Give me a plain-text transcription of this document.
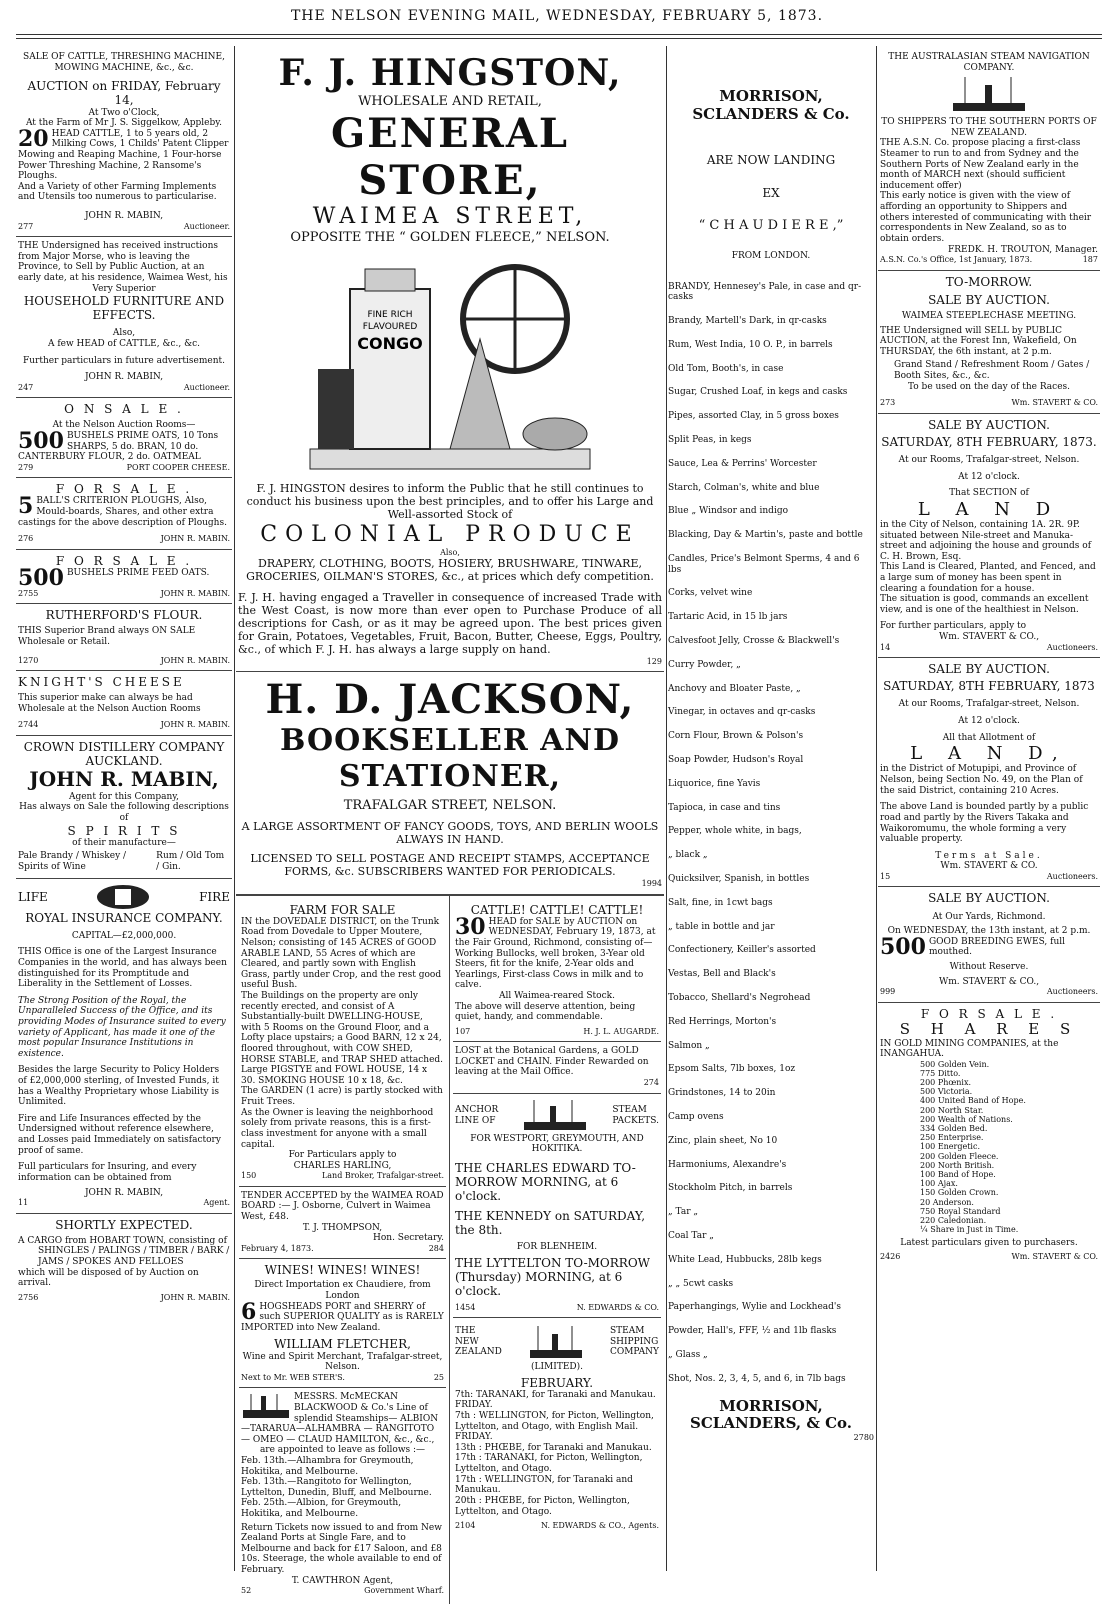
THE NELSON EVENING MAIL, WEDNESDAY, FEBRUARY 5, 1873.

SALE OF CATTLE, THRESHING MACHINE, MOWING MACHINE, &c., &c.

AUCTION on FRIDAY, February 14,

At Two o'Clock,

At the Farm of Mr J. S. Siggelkow, Appleby.

20 HEAD CATTLE, 1 to 5 years old, 2 Milking Cows, 1 Childs' Patent Clipper Mowing and Reaping Machine, 1 Four-horse Power Threshing Machine, 2 Ransome's Ploughs.

And a Variety of other Farming Implements and Utensils too numerous to particularise.

JOHN R. MABIN,

277	Auctioneer.

THE Undersigned has received instructions from Major Morse, who is leaving the Province, to Sell by Public Auction, at an early date, at his residence, Waimea West, his

Very Superior

HOUSEHOLD FURNITURE AND EFFECTS.

Also,

A few HEAD of CATTLE, &c., &c.

Further particulars in future advertisement.

JOHN R. MABIN,

247	Auctioneer.

O N S A L E .

At the Nelson Auction Rooms—

500 BUSHELS PRIME OATS, 10 Tons SHARPS, 5 do. BRAN, 10 do. CANTERBURY FLOUR, 2 do. OATMEAL

279	PORT COOPER CHEESE.

F O R S A L E .

5 BALL'S CRITERION PLOUGHS, Also, Mould-boards, Shares, and other extra castings for the above description of Ploughs.

276	JOHN R. MABIN.

F O R S A L E .

500 BUSHELS PRIME FEED OATS.

2755	JOHN R. MABIN.

RUTHERFORD'S FLOUR.

THIS Superior Brand always ON SALE Wholesale or Retail.

1270	JOHN R. MABIN.

KNIGHT'S CHEESE

This superior make can always be had Wholesale at the Nelson Auction Rooms

2744	JOHN R. MABIN.

CROWN DISTILLERY COMPANY AUCKLAND.

JOHN R. MABIN,

Agent for this Company,

Has always on Sale the following descriptions of

S P I R I T S

of their manufacture—

Pale Brandy / Whiskey / Spirits of Wine
Rum / Old Tom / Gin.
LIFE	FIRE

ROYAL INSURANCE COMPANY.

CAPITAL—£2,000,000.

THIS Office is one of the Largest Insurance Companies in the world, and has always been distinguished for its Promptitude and Liberality in the Settlement of Losses.

The Strong Position of the Royal, the Unparalleled Success of the Office, and its providing Modes of Insurance suited to every variety of Applicant, has made it one of the most popular Insurance Institutions in existence.

Besides the large Security to Policy Holders of £2,000,000 sterling, of Invested Funds, it has a Wealthy Proprietary whose Liability is Unlimited.

Fire and Life Insurances effected by the Undersigned without reference elsewhere, and Losses paid Immediately on satisfactory proof of same.

Full particulars for Insuring, and every information can be obtained from

JOHN R. MABIN,

11	Agent.

SHORTLY EXPECTED.

A CARGO from HOBART TOWN, consisting of

SHINGLES / PALINGS / TIMBER / BARK / JAMS / SPOKES AND FELLOES

which will be disposed of by Auction on arrival.

2756	JOHN R. MABIN.
F. J. HINGSTON,

WHOLESALE AND RETAIL,

GENERAL STORE,

WAIMEA STREET,

OPPOSITE THE “ GOLDEN FLEECE,” NELSON.

FINE RICH
FLAVOURED
CONGO

F. J. HINGSTON desires to inform the Public that he still continues to conduct his business upon the best principles, and to offer his Large and Well-assorted Stock of

COLONIAL PRODUCE

Also,

DRAPERY, CLOTHING, BOOTS, HOSIERY, BRUSHWARE, TINWARE, GROCERIES, OILMAN'S STORES, &c., at prices which defy competition.

F. J. H. having engaged a Traveller in consequence of increased Trade with the West Coast, is now more than ever open to Purchase Produce of all descriptions for Cash, or as it may be agreed upon. The best prices given for Grain, Potatoes, Vegetables, Fruit, Bacon, Butter, Cheese, Eggs, Poultry, &c., of which F. J. H. has always a large supply on hand.

129

H. D. JACKSON,

BOOKSELLER AND STATIONER,

TRAFALGAR STREET, NELSON.

A LARGE ASSORTMENT OF FANCY GOODS, TOYS, AND BERLIN WOOLS ALWAYS IN HAND.

LICENSED TO SELL POSTAGE AND RECEIPT STAMPS, ACCEPTANCE FORMS, &c. SUBSCRIBERS WANTED FOR PERIODICALS.

1994

FARM FOR SALE

IN the DOVEDALE DISTRICT, on the Trunk Road from Dovedale to Upper Moutere, Nelson; consisting of 145 ACRES of GOOD ARABLE LAND, 55 Acres of which are Cleared, and partly sown with English Grass, partly under Crop, and the rest good useful Bush.

The Buildings on the property are only recently erected, and consist of A Substantially-built DWELLING-HOUSE, with 5 Rooms on the Ground Floor, and a Lofty place upstairs; a Good BARN, 12 x 24, floored throughout, with COW SHED, HORSE STABLE, and TRAP SHED attached. Large PIGSTYE and FOWL HOUSE, 14 x 30. SMOKING HOUSE 10 x 18, &c.

The GARDEN (1 acre) is partly stocked with Fruit Trees.

As the Owner is leaving the neighborhood solely from private reasons, this is a first-class investment for anyone with a small capital.

For Particulars apply to

CHARLES HARLING,

150	Land Broker, Trafalgar-street.

TENDER ACCEPTED by the WAIMEA ROAD BOARD :— J. Osborne, Culvert in Waimea West, £48.

T. J. THOMPSON,

Hon. Secretary.

February 4, 1873.	284

WINES! WINES! WINES!

Direct Importation ex Chaudiere, from London

6 HOGSHEADS PORT and SHERRY of such SUPERIOR QUALITY as is RARELY IMPORTED into New Zealand.

WILLIAM FLETCHER,

Wine and Spirit Merchant, Trafalgar-street, Nelson.

Next to Mr. WEB STER'S.	25

MESSRS. McMECKAN BLACKWOOD & Co.'s Line of splendid Steamships— ALBION—TARARUA—ALHAMBRA — RANGITOTO — OMEO — CLAUD HAMILTON, &c., &c.,

are appointed to leave as follows :—

Feb. 13th.—Alhambra for Greymouth, Hokitika, and Melbourne.

Feb. 13th.—Rangitoto for Wellington, Lyttelton, Dunedin, Bluff, and Melbourne.

Feb. 25th.—Albion, for Greymouth, Hokitika, and Melbourne.

Return Tickets now issued to and from New Zealand Ports at Single Fare, and to Melbourne and back for £17 Saloon, and £8 10s. Steerage, the whole available to end of February.

T. CAWTHRON Agent,

52	Government Wharf.

CATTLE! CATTLE! CATTLE!

30 HEAD for SALE by AUCTION on WEDNESDAY, February 19, 1873, at the Fair Ground, Richmond, consisting of— Working Bullocks, well broken, 3-Year old Steers, fit for the knife, 2-Year olds and Yearlings, First-class Cows in milk and to calve.

All Waimea-reared Stock.

The above will deserve attention, being quiet, handy, and commendable.

107	H. J. L. AUGARDE.

LOST at the Botanical Gardens, a GOLD LOCKET and CHAIN. Finder Rewarded on leaving at the Mail Office.

274

ANCHOR

LINE OF

STEAM

PACKETS.

FOR WESTPORT, GREYMOUTH, AND HOKITIKA.

THE CHARLES EDWARD TO-MORROW MORNING, at 6 o'clock.

THE KENNEDY on SATURDAY, the 8th.

FOR BLENHEIM.

THE LYTTELTON TO-MORROW (Thursday) MORNING, at 6 o'clock.

1454	N. EDWARDS & CO.

THE

NEW

ZEALAND

STEAM

SHIPPING

COMPANY

(LIMITED).

FEBRUARY.

7th: TARANAKI, for Taranaki and Manukau. FRIDAY.

7th : WELLINGTON, for Picton, Wellington, Lyttelton, and Otago, with English Mail. FRIDAY.

13th : PHŒBE, for Taranaki and Manukau.

17th : TARANAKI, for Picton, Wellington, Lyttelton, and Otago.

17th : WELLINGTON, for Taranaki and Manukau.

20th : PHŒBE, for Picton, Wellington, Lyttelton, and Otago.

2104	N. EDWARDS & CO., Agents.

MORRISON, SCLANDERS & Co.

ARE NOW LANDING

EX

“ C H A U D I E R E ,”

FROM LONDON.

BRANDY, Hennesey's Pale, in case and qr-casks

Brandy, Martell's Dark, in qr-casks

Rum, West India, 10 O. P., in barrels

Old Tom, Booth's, in case

Sugar, Crushed Loaf, in kegs and casks

Pipes, assorted Clay, in 5 gross boxes

Split Peas, in kegs

Sauce, Lea & Perrins' Worcester

Starch, Colman's, white and blue

Blue „ Windsor and indigo

Blacking, Day & Martin's, paste and bottle

Candles, Price's Belmont Sperms, 4 and 6 lbs

Corks, velvet wine

Tartaric Acid, in 15 lb jars

Calvesfoot Jelly, Crosse & Blackwell's

Curry Powder, „

Anchovy and Bloater Paste, „

Vinegar, in octaves and qr-casks

Corn Flour, Brown & Polson's

Soap Powder, Hudson's Royal

Liquorice, fine Yavis

Tapioca, in case and tins

Pepper, whole white, in bags,

„ black „

Quicksilver, Spanish, in bottles

Salt, fine, in 1cwt bags

„ table in bottle and jar

Confectionery, Keiller's assorted

Vestas, Bell and Black's

Tobacco, Shellard's Negrohead

Red Herrings, Morton's

Salmon „

Epsom Salts, 7lb boxes, 1oz

Grindstones, 14 to 20in

Camp ovens

Zinc, plain sheet, No 10

Harmoniums, Alexandre's

Stockholm Pitch, in barrels

„ Tar „

Coal Tar „

White Lead, Hubbucks, 28lb kegs

„ „ 5cwt casks

Paperhangings, Wylie and Lockhead's

Powder, Hall's, FFF, ½ and 1lb flasks

„ Glass „

Shot, Nos. 2, 3, 4, 5, and 6, in 7lb bags

MORRISON, SCLANDERS, & Co.

2780

THE AUSTRALASIAN STEAM NAVIGATION COMPANY.

TO SHIPPERS TO THE SOUTHERN PORTS OF NEW ZEALAND.

THE A.S.N. Co. propose placing a first-class Steamer to run to and from Sydney and the Southern Ports of New Zealand early in the month of MARCH next (should sufficient inducement offer)

This early notice is given with the view of affording an opportunity to Shippers and others interested of communicating with their correspondents in New Zealand, so as to obtain orders.

FREDK. H. TROUTON, Manager.

A.S.N. Co.'s Office, 1st January, 1873.	187

TO-MORROW.

SALE BY AUCTION.

WAIMEA STEEPLECHASE MEETING.

THE Undersigned will SELL by PUBLIC AUCTION, at the Forest Inn, Wakefield, On THURSDAY, the 6th instant, at 2 p.m.

Grand Stand / Refreshment Room / Gates / Booth Sites, &c., &c.

To be used on the day of the Races.

273	Wm. STAVERT & CO.

SALE BY AUCTION.

SATURDAY, 8TH FEBRUARY, 1873.

At our Rooms, Trafalgar-street, Nelson.

At 12 o'clock.

That SECTION of

L A N D

in the City of Nelson, containing 1A. 2R. 9P. situated between Nile-street and Manuka-street and adjoining the house and grounds of C. H. Brown, Esq.

This Land is Cleared, Planted, and Fenced, and a large sum of money has been spent in clearing a foundation for a house.

The situation is good, commands an excellent view, and is one of the healthiest in Nelson.

For further particulars, apply to

Wm. STAVERT & CO.,

14	Auctioneers.

SALE BY AUCTION.

SATURDAY, 8TH FEBRUARY, 1873

At our Rooms, Trafalgar-street, Nelson.

At 12 o'clock.

All that Allotment of

L A N D,

in the District of Motupipi, and Province of Nelson, being Section No. 49, on the Plan of the said District, containing 210 Acres.

The above Land is bounded partly by a public road and partly by the Rivers Takaka and Waikoromumu, the whole forming a very valuable property.

Terms at Sale.

Wm. STAVERT & CO.

15	Auctioneers.

SALE BY AUCTION.

At Our Yards, Richmond.

On WEDNESDAY, the 13th instant, at 2 p.m.

500 GOOD BREEDING EWES, full mouthed.

Without Reserve.

Wm. STAVERT & CO.,

999	Auctioneers.

F O R S A L E .

S H A R E S

IN GOLD MINING COMPANIES, at the INANGAHUA.

500 Golden Vein.
775 Ditto.
200 Phœnix.
500 Victoria.
400 United Band of Hope.
200 North Star.
200 Wealth of Nations.
334 Golden Bed.
250 Enterprise.
100 Energetic.
200 Golden Fleece.
200 North British.
100 Band of Hope.
100 Ajax.
150 Golden Crown.
20 Anderson.
750 Royal Standard
220 Caledonian.
¼ Share in Just in Time.

Latest particulars given to purchasers.

2426	Wm. STAVERT & CO.
